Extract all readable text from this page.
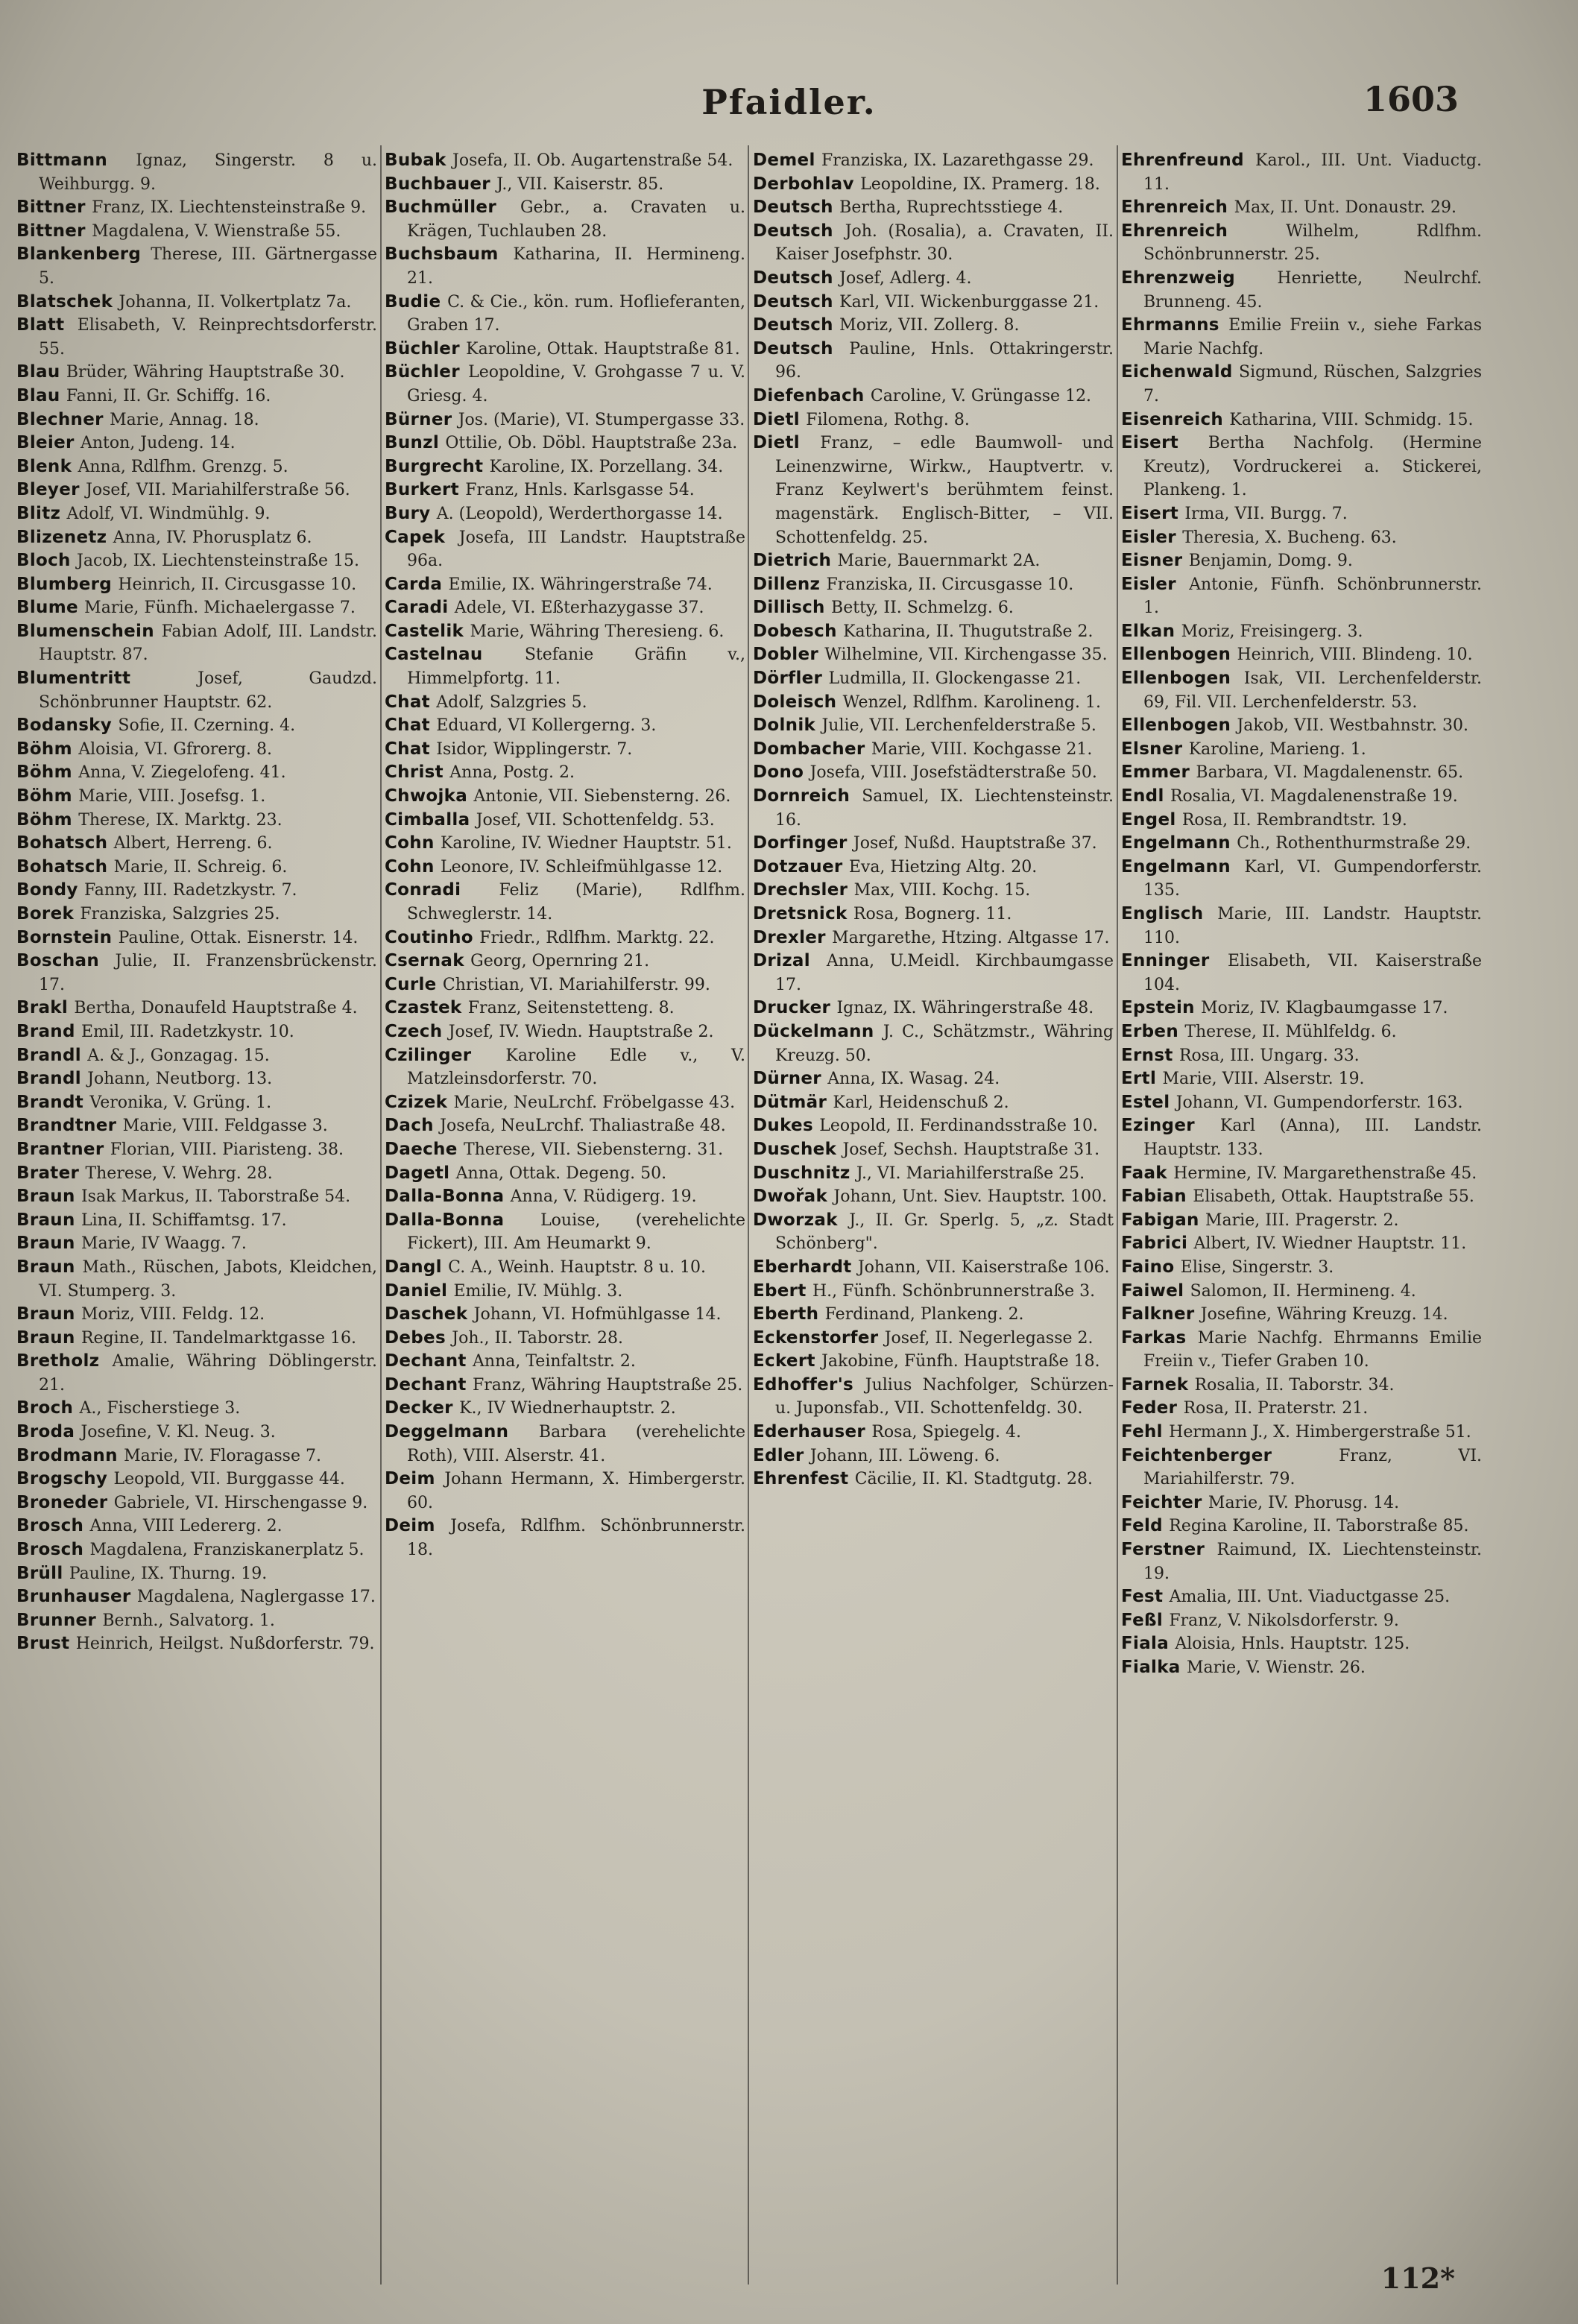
Pfaidler.	1603

Bittmann Ignaz, Singerstr. 8 u. Weihburgg. 9.

Bittner Franz, IX. Liechtensteinstraße 9.

Bittner Magdalena, V. Wienstraße 55.

Blankenberg Therese, III. Gärtnergasse 5.

Blatschek Johanna, II. Volkertplatz 7a.

Blatt Elisabeth, V. Reinprechtsdorferstr. 55.

Blau Brüder, Währing Hauptstraße 30.

Blau Fanni, II. Gr. Schiffg. 16.

Blechner Marie, Annag. 18.

Bleier Anton, Judeng. 14.

Blenk Anna, Rdlfhm. Grenzg. 5.

Bleyer Josef, VII. Mariahilferstraße 56.

Blitz Adolf, VI. Windmühlg. 9.

Blizenetz Anna, IV. Phorusplatz 6.

Bloch Jacob, IX. Liechtensteinstraße 15.

Blumberg Heinrich, II. Circusgasse 10.

Blume Marie, Fünfh. Michaelergasse 7.

Blumenschein Fabian Adolf, III. Landstr. Hauptstr. 87.

Blumentritt	Josef, Gaudzd. Schönbrunner Hauptstr. 62.

Bodansky Sofie, II. Czerning. 4.

Böhm Aloisia, VI. Gfrorerg. 8.

Böhm Anna, V. Ziegelofeng. 41.

Böhm Marie, VIII. Josefsg. 1.

Böhm Therese, IX. Marktg. 23.

Bohatsch Albert, Herreng. 6.

Bohatsch Marie, II. Schreig. 6.

Bondy Fanny, III. Radetzkystr. 7.

Borek Franziska, Salzgries 25.

Bornstein Pauline, Ottak. Eisnerstr. 14.

Boschan Julie, II. Franzensbrückenstr. 17.

Brakl Bertha, Donaufeld Hauptstraße 4.

Brand Emil, III. Radetzkystr. 10.

Brandl A. & J., Gonzagag. 15.

Brandl Johann, Neutborg. 13.

Brandt Veronika, V. Grüng. 1.

Brandtner Marie, VIII. Feldgasse 3.

Brantner Florian, VIII. Piaristeng. 38.

Brater Therese, V. Wehrg. 28.

Braun Isak Markus, II. Taborstraße 54.

Braun Lina, II. Schiffamtsg. 17.

Braun Marie, IV Waagg. 7.

Braun Math., Rüschen, Jabots, Kleidchen, VI. Stumperg. 3.

Braun Moriz, VIII. Feldg. 12.

Braun Regine, II. Tandelmarktgasse 16.

Bretholz Amalie, Währing Döblingerstr. 21.

Broch A., Fischerstiege 3.

Broda Josefine, V. Kl. Neug. 3.

Brodmann Marie, IV. Floragasse 7.

Brogschy Leopold, VII. Burggasse 44.

Broneder Gabriele, VI. Hirschengasse 9.

Brosch Anna, VIII Ledererg. 2.

Brosch Magdalena, Franziskanerplatz 5.

Brüll Pauline, IX. Thurng. 19.

Brunhauser Magdalena, Naglergasse 17.

Brunner Bernh., Salvatorg. 1.

Brust Heinrich, Heilgst. Nußdorferstr. 79.

Bubak Josefa, II. Ob. Augartenstraße 54.

Buchbauer J., VII. Kaiserstr. 85.

Buchmüller Gebr., a. Cravaten u. Krägen, Tuchlauben 28.

Buchsbaum Katharina, II. Hermineng. 21.

Budie C. & Cie., kön. rum. Hoflieferanten, Graben 17.

Büchler Karoline, Ottak. Hauptstraße 81.

Büchler Leopoldine, V. Grohgasse 7 u. V. Griesg. 4.

Bürner Jos. (Marie), VI. Stumpergasse 33.

Bunzl Ottilie, Ob. Döbl. Hauptstraße 23a.

Burgrecht Karoline, IX. Porzellang. 34.

Burkert Franz, Hnls. Karlsgasse 54.

Bury A. (Leopold), Werderthorgasse 14.

Capek Josefa, III Landstr. Hauptstraße 96a.

Carda Emilie, IX. Währingerstraße 74.

Caradi Adele, VI. Eßterhazygasse 37.

Castelik Marie, Währing Theresieng. 6.

Castelnau	Stefanie Gräfin v., Himmelpfortg. 11.

Chat Adolf, Salzgries 5.

Chat Eduard, VI Kollergerng. 3.

Chat Isidor, Wipplingerstr. 7.

Christ Anna, Postg. 2.

Chwojka Antonie, VII. Siebensterng. 26.

Cimballa Josef, VII. Schottenfeldg. 53.

Cohn Karoline, IV. Wiedner Hauptstr. 51.

Cohn Leonore, IV. Schleifmühlgasse 12.

Conradi Feliz (Marie), Rdlfhm. Schweglerstr. 14.

Coutinho Friedr., Rdlfhm. Marktg. 22.

Csernak Georg, Opernring 21.

Curle Christian, VI. Mariahilferstr. 99.

Czastek Franz, Seitenstetteng. 8.

Czech Josef, IV. Wiedn. Hauptstraße 2.

Czilinger Karoline Edle v., V. Matzleinsdorferstr. 70.

Czizek Marie, NeuLrchf. Fröbelgasse 43.

Dach Josefa, NeuLrchf. Thaliastraße 48.

Daeche Therese, VII. Siebensterng. 31.

Dagetl Anna, Ottak. Degeng. 50.

Dalla-Bonna Anna, V. Rüdigerg. 19.

Dalla-Bonna Louise, (verehelichte Fickert), III. Am Heumarkt 9.

Dangl C. A., Weinh. Hauptstr. 8 u. 10.

Daniel Emilie, IV. Mühlg. 3.

Daschek Johann, VI. Hofmühlgasse 14.

Debes Joh., II. Taborstr. 28.

Dechant Anna, Teinfaltstr. 2.

Dechant Franz, Währing Hauptstraße 25.

Decker K., IV Wiednerhauptstr. 2.

Deggelmann Barbara (verehelichte Roth), VIII. Alserstr. 41.

Deim Johann Hermann, X. Himbergerstr. 60.

Deim Josefa, Rdlfhm. Schönbrunnerstr. 18.

Demel Franziska, IX. Lazarethgasse 29.

Derbohlav Leopoldine, IX. Pramerg. 18.

Deutsch Bertha, Ruprechtsstiege 4.

Deutsch Joh. (Rosalia), a. Cravaten, II. Kaiser Josefphstr. 30.

Deutsch Josef, Adlerg. 4.

Deutsch Karl, VII. Wickenburggasse 21.

Deutsch Moriz, VII. Zollerg. 8.

Deutsch Pauline, Hnls. Ottakringerstr. 96.

Diefenbach Caroline, V. Grüngasse 12.

Dietl Filomena, Rothg. 8.

Dietl Franz, – edle Baumwoll- und Leinenzwirne, Wirkw., Hauptvertr. v. Franz Keylwert's berühmtem feinst. magenstärk. Englisch-Bitter, – VII. Schottenfeldg. 25.

Dietrich Marie, Bauernmarkt 2A.

Dillenz Franziska, II. Circusgasse 10.

Dillisch Betty, II. Schmelzg. 6.

Dobesch Katharina, II. Thugutstraße 2.

Dobler Wilhelmine, VII. Kirchengasse 35.

Dörfler Ludmilla, II. Glockengasse 21.

Doleisch Wenzel, Rdlfhm. Karolineng. 1.

Dolnik Julie, VII. Lerchenfelderstraße 5.

Dombacher Marie, VIII. Kochgasse 21.

Dono Josefa, VIII. Josefstädterstraße 50.

Dornreich Samuel, IX. Liechtensteinstr. 16.

Dorfinger Josef, Nußd. Hauptstraße 37.

Dotzauer Eva, Hietzing Altg. 20.

Drechsler Max, VIII. Kochg. 15.

Dretsnick Rosa, Bognerg. 11.

Drexler Margarethe, Htzing. Altgasse 17.

Drizal Anna, U.Meidl. Kirchbaumgasse 17.

Drucker Ignaz, IX. Währingerstraße 48.

Dückelmann J. C., Schätzmstr., Währing Kreuzg. 50.

Dürner Anna, IX. Wasag. 24.

Dütmär Karl, Heidenschuß 2.

Dukes Leopold, II. Ferdinandsstraße 10.

Duschek Josef, Sechsh. Hauptstraße 31.

Duschnitz J., VI. Mariahilferstraße 25.

Dwořak Johann, Unt. Siev. Hauptstr. 100.

Dworzak J., II. Gr. Sperlg. 5, „z. Stadt Schönberg".

Eberhardt Johann, VII. Kaiserstraße 106.

Ebert H., Fünfh. Schönbrunnerstraße 3.

Eberth Ferdinand, Plankeng. 2.

Eckenstorfer Josef, II. Negerlegasse 2.

Eckert Jakobine, Fünfh. Hauptstraße 18.

Edhoffer's Julius Nachfolger, Schürzen- u. Juponsfab., VII. Schottenfeldg. 30.

Ederhauser Rosa, Spiegelg. 4.

Edler Johann, III. Löweng. 6.

Ehrenfest Cäcilie, II. Kl. Stadtgutg. 28.

Ehrenfreund Karol., III. Unt. Viaductg. 11.

Ehrenreich Max, II. Unt. Donaustr. 29.

Ehrenreich	Wilhelm, Rdlfhm. Schönbrunnerstr. 25.

Ehrenzweig	Henriette, Neulrchf. Brunneng. 45.

Ehrmanns Emilie Freiin v., siehe Farkas Marie Nachfg.

Eichenwald Sigmund, Rüschen, Salzgries 7.

Eisenreich Katharina, VIII. Schmidg. 15.

Eisert Bertha Nachfolg. (Hermine Kreutz), Vordruckerei a. Stickerei, Plankeng. 1.

Eisert Irma, VII. Burgg. 7.

Eisler Theresia, X. Bucheng. 63.

Eisner Benjamin, Domg. 9.

Eisler Antonie, Fünfh. Schönbrunnerstr. 1.

Elkan Moriz, Freisingerg. 3.

Ellenbogen Heinrich, VIII. Blindeng. 10.

Ellenbogen Isak, VII. Lerchenfelderstr. 69, Fil. VII. Lerchenfelderstr. 53.

Ellenbogen Jakob, VII. Westbahnstr. 30.

Elsner Karoline, Marieng. 1.

Emmer Barbara, VI. Magdalenenstr. 65.

Endl Rosalia, VI. Magdalenenstraße 19.

Engel Rosa, II. Rembrandtstr. 19.

Engelmann Ch., Rothenthurmstraße 29.

Engelmann Karl, VI. Gumpendorferstr. 135.

Englisch Marie, III. Landstr. Hauptstr. 110.

Enninger Elisabeth, VII. Kaiserstraße 104.

Epstein Moriz, IV. Klagbaumgasse 17.

Erben Therese, II. Mühlfeldg. 6.

Ernst Rosa, III. Ungarg. 33.

Ertl Marie, VIII. Alserstr. 19.

Estel Johann, VI. Gumpendorferstr. 163.

Ezinger Karl (Anna), III. Landstr. Hauptstr. 133.

Faak Hermine, IV. Margarethenstraße 45.

Fabian Elisabeth, Ottak. Hauptstraße 55.

Fabigan Marie, III. Pragerstr. 2.

Fabrici Albert, IV. Wiedner Hauptstr. 11.

Faino Elise, Singerstr. 3.

Faiwel Salomon, II. Hermineng. 4.

Falkner Josefine, Währing Kreuzg. 14.

Farkas Marie Nachfg. Ehrmanns Emilie Freiin v., Tiefer Graben 10.

Farnek Rosalia, II. Taborstr. 34.

Feder Rosa, II. Praterstr. 21.

Fehl Hermann J., X. Himbergerstraße 51.

Feichtenberger	Franz, VI. Mariahilferstr. 79.

Feichter Marie, IV. Phorusg. 14.

Feld Regina Karoline, II. Taborstraße 85.

Ferstner Raimund, IX. Liechtensteinstr. 19.

Fest Amalia, III. Unt. Viaductgasse 25.

Feßl Franz, V. Nikolsdorferstr. 9.

Fiala Aloisia, Hnls. Hauptstr. 125.

Fialka Marie, V. Wienstr. 26.

112*
